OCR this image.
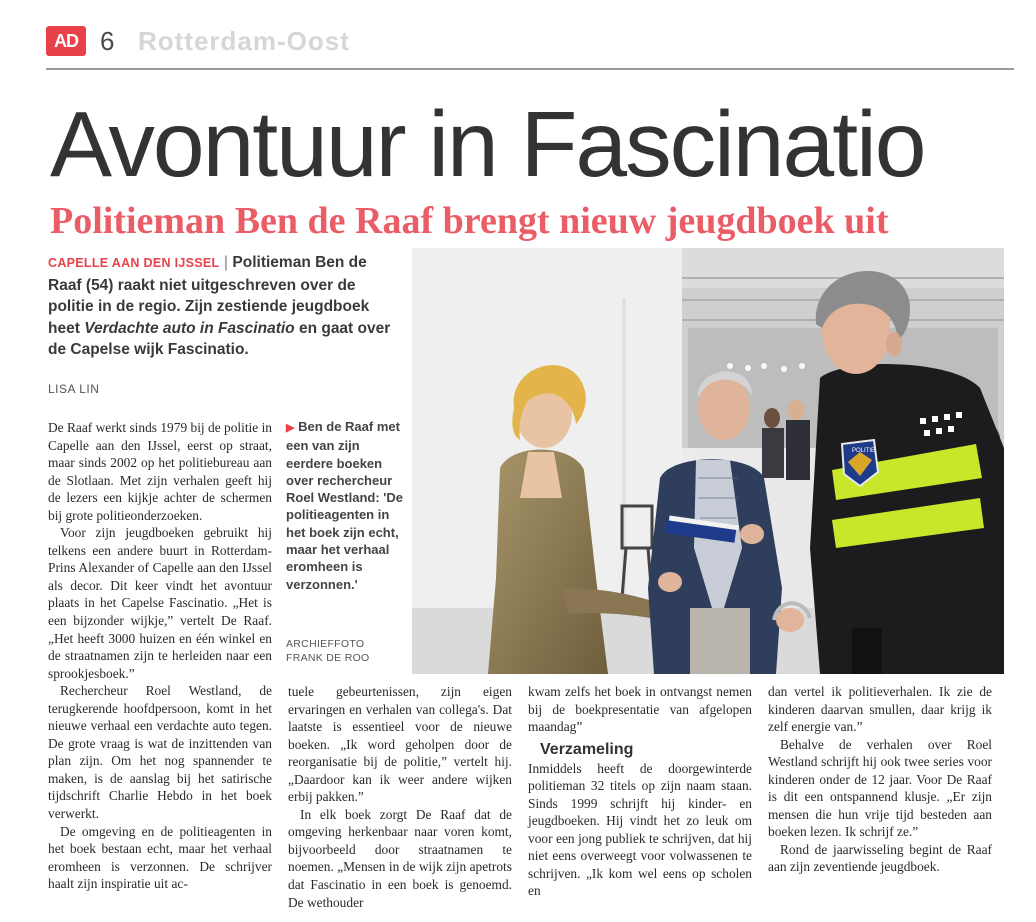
AD 6 Rotterdam-Oost
Avontuur in Fascinatio
Politieman Ben de Raaf brengt nieuw jeugdboek uit
CAPELLE AAN DEN IJSSEL | Politieman Ben de Raaf (54) raakt niet uitgeschreven over de politie in de regio. Zijn zestiende jeugdboek heet Verdachte auto in Fascinatio en gaat over de Capelse wijk Fascinatio.
LISA LIN

De Raaf werkt sinds 1979 bij de politie in Capelle aan den IJssel, eerst op straat, maar sinds 2002 op het politiebureau aan de Slotlaan. Met zijn verhalen geeft hij de lezers een kijkje achter de schermen bij grote politieonderzoeken.

Voor zijn jeugdboeken gebruikt hij telkens een andere buurt in Rotterdam-Prins Alexander of Capelle aan den IJssel als decor. Dit keer vindt het avontuur plaats in het Capelse Fascinatio. „Het is een bijzonder wijkje,” vertelt De Raaf. „Het heeft 3000 huizen en één winkel en de straatnamen zijn te herleiden naar een sprookjesboek.”

Rechercheur Roel Westland, de terugkerende hoofdpersoon, komt in het nieuwe verhaal een verdachte auto tegen. De grote vraag is wat de inzittenden van plan zijn. Om het nog spannender te maken, is de aanslag bij het satirische tijdschrift Charlie Hebdo in het boek verwerkt.

De omgeving en de politieagenten in het boek bestaan echt, maar het verhaal eromheen is verzonnen. De schrijver haalt zijn inspiratie uit ac-

▶ Ben de Raaf met een van zijn eerdere boeken over rechercheur Roel Westland: 'De politieagenten in het boek zijn echt, maar het verhaal eromheen is verzonnen.'
ARCHIEFFOTO
FRANK DE ROO
POLITIE

tuele gebeurtenissen, zijn eigen ervaringen en verhalen van collega's. Dat laatste is essentieel voor de nieuwe boeken. „Ik word geholpen door de reorganisatie bij de politie,” vertelt hij. „Daardoor kan ik weer andere wijken erbij pakken.”

In elk boek zorgt De Raaf dat de omgeving herkenbaar naar voren komt, bijvoorbeeld door straatnamen te noemen. „Mensen in de wijk zijn apetrots dat Fascinatio in een boek is genoemd. De wethouder

kwam zelfs het boek in ontvangst nemen bij de boekpresentatie van afgelopen maandag”

Verzameling

Inmiddels heeft de doorgewinterde politieman 32 titels op zijn naam staan. Sinds 1999 schrijft hij kinder- en jeugdboeken. Hij vindt het zo leuk om voor een jong publiek te schrijven, dat hij niet eens overweegt voor volwassenen te schrijven. „Ik kom wel eens op scholen en

dan vertel ik politieverhalen. Ik zie de kinderen daarvan smullen, daar krijg ik zelf energie van.”

Behalve de verhalen over Roel Westland schrijft hij ook twee series voor kinderen onder de 12 jaar. Voor De Raaf is dit een ontspannend klusje. „Er zijn mensen die hun vrije tijd besteden aan boeken lezen. Ik schrijf ze.”

Rond de jaarwisseling begint de Raaf aan zijn zeventiende jeugdboek.
